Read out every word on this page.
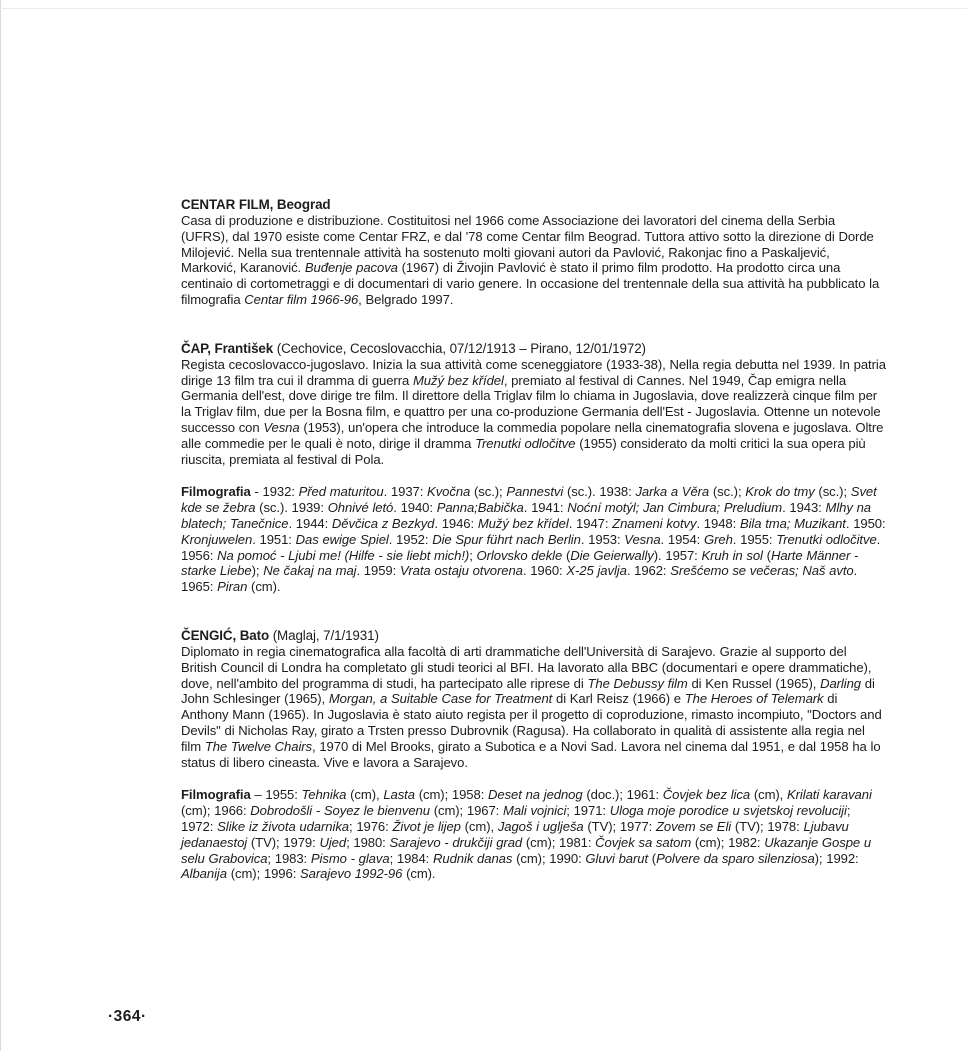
CENTAR FILM, Beograd
Casa di produzione e distribuzione. Costituitosi nel 1966 come Associazione dei lavoratori del cinema della Serbia (UFRS), dal 1970 esiste come Centar FRZ, e dal '78 come Centar film Beograd. Tuttora attivo sotto la direzione di Dorde Milojević. Nella sua trentennale attività ha sostenuto molti giovani autori da Pavlović, Rakonjac fino a Paskaljević, Marković, Karanović. Buđenje pacova (1967) di Živojin Pavlović è stato il primo film prodotto. Ha prodotto circa una centinaio di cortometraggi e di documentari di vario genere. In occasione del trentennale della sua attività ha pubblicato la filmografia Centar film 1966-96, Belgrado 1997.
ČAP, František (Cechovice, Cecoslovacchia, 07/12/1913 – Pirano, 12/01/1972)
Regista cecoslovacco-jugoslavo. Inizia la sua attività come sceneggiatore (1933-38), Nella regia debutta nel 1939. In patria dirige 13 film tra cui il dramma di guerra Mužý bez křídel, premiato al festival di Cannes. Nel 1949, Čap emigra nella Germania dell'est, dove dirige tre film. Il direttore della Triglav film lo chiama in Jugoslavia, dove realizzerà cinque film per la Triglav film, due per la Bosna film, e quattro per una co-produzione Germania dell'Est - Jugoslavia. Ottenne un notevole successo con Vesna (1953), un'opera che introduce la commedia popolare nella cinematografia slovena e jugoslava. Oltre alle commedie per le quali è noto, dirige il dramma Trenutki odločitve (1955) considerato da molti critici la sua opera più riuscita, premiata al festival di Pola.
Filmografia - 1932: Před maturitou. 1937: Kvočna (sc.); Pannestvi (sc.). 1938: Jarka a Věra (sc.); Krok do tmy (sc.); Svet kde se žebra (sc.). 1939: Ohnivé letó. 1940: Panna;Babička. 1941: Noćní motýl; Jan Cimbura; Preludium. 1943: Mlhy na blatech; Tanečnice. 1944: Děvčica z Bezkyd. 1946: Mužý bez křídel. 1947: Znameni kotvy. 1948: Bila tma; Muzikant. 1950: Kronjuwelen. 1951: Das ewige Spiel. 1952: Die Spur führt nach Berlin. 1953: Vesna. 1954: Greh. 1955: Trenutki odločitve. 1956: Na pomoć - Ljubi me! (Hilfe - sie liebt mich!); Orlovsko dekle (Die Geierwally). 1957: Kruh in sol (Harte Männer - starke Liebe); Ne čakaj na maj. 1959: Vrata ostaju otvorena. 1960: X-25 javlja. 1962: Srešćemo se večeras; Naš avto. 1965: Piran (cm).
ČENGIĆ, Bato (Maglaj, 7/1/1931)
Diplomato in regia cinematografica alla facoltà di arti drammatiche dell'Università di Sarajevo. Grazie al supporto del British Council di Londra ha completato gli studi teorici al BFI. Ha lavorato alla BBC (documentari e opere drammatiche), dove, nell'ambito del programma di studi, ha partecipato alle riprese di The Debussy film di Ken Russel (1965), Darling di John Schlesinger (1965), Morgan, a Suitable Case for Treatment di Karl Reisz (1966) e The Heroes of Telemark di Anthony Mann (1965). In Jugoslavia è stato aiuto regista per il progetto di coproduzione, rimasto incompiuto, "Doctors and Devils" di Nicholas Ray, girato a Trsten presso Dubrovnik (Ragusa). Ha collaborato in qualità di assistente alla regia nel film The Twelve Chairs, 1970 di Mel Brooks, girato a Subotica e a Novi Sad. Lavora nel cinema dal 1951, e dal 1958 ha lo status di libero cineasta. Vive e lavora a Sarajevo.
Filmografia – 1955: Tehnika (cm), Lasta (cm); 1958: Deset na jednog (doc.); 1961: Čovjek bez lica (cm), Krilati karavani (cm); 1966: Dobrodošli - Soyez le bienvenu (cm); 1967: Mali vojnici; 1971: Uloga moje porodice u svjetskoj revoluciji; 1972: Slike iz života udarnika; 1976: Život je lijep (cm), Jagoš i uglješa (TV); 1977: Zovem se Eli (TV); 1978: Ljubavu jedanaestoj (TV); 1979: Ujed; 1980: Sarajevo - drukčiji grad (cm); 1981: Čovjek sa satom (cm); 1982: Ukazanje Gospe u selu Grabovica; 1983: Pismo - glava; 1984: Rudnik danas (cm); 1990: Gluvi barut (Polvere da sparo silenziosa); 1992: Albanija (cm); 1996: Sarajevo 1992-96 (cm).
·364·
